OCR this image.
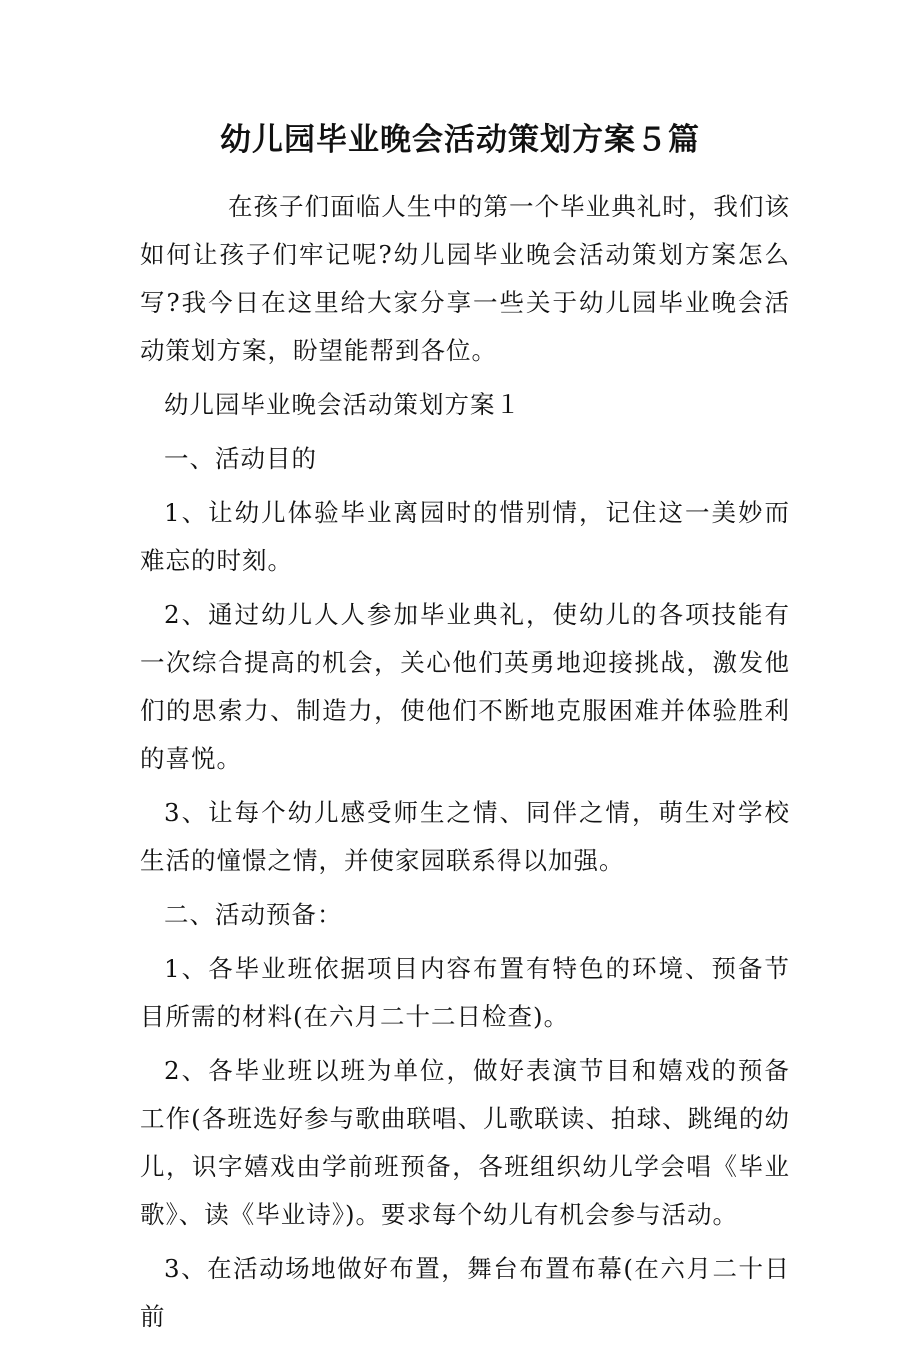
幼儿园毕业晚会活动策划方案５篇

在孩子们面临人生中的第一个毕业典礼时，我们该如何让孩子们牢记呢?幼儿园毕业晚会活动策划方案怎么写?我今日在这里给大家分享一些关于幼儿园毕业晚会活动策划方案，盼望能帮到各位。

幼儿园毕业晚会活动策划方案１

一、活动目的

1、让幼儿体验毕业离园时的惜别情，记住这一美妙而难忘的时刻。

2、通过幼儿人人参加毕业典礼，使幼儿的各项技能有一次综合提高的机会，关心他们英勇地迎接挑战，激发他们的思索力、制造力，使他们不断地克服困难并体验胜利的喜悦。

3、让每个幼儿感受师生之情、同伴之情，萌生对学校生活的憧憬之情，并使家园联系得以加强。

二、活动预备：

1、各毕业班依据项目内容布置有特色的环境、预备节目所需的材料(在六月二十二日检查)。

2、各毕业班以班为单位，做好表演节目和嬉戏的预备工作(各班选好参与歌曲联唱、儿歌联读、拍球、跳绳的幼儿，识字嬉戏由学前班预备，各班组织幼儿学会唱《毕业歌》、读《毕业诗》)。要求每个幼儿有机会参与活动。

3、在活动场地做好布置，舞台布置布幕(在六月二十日前
